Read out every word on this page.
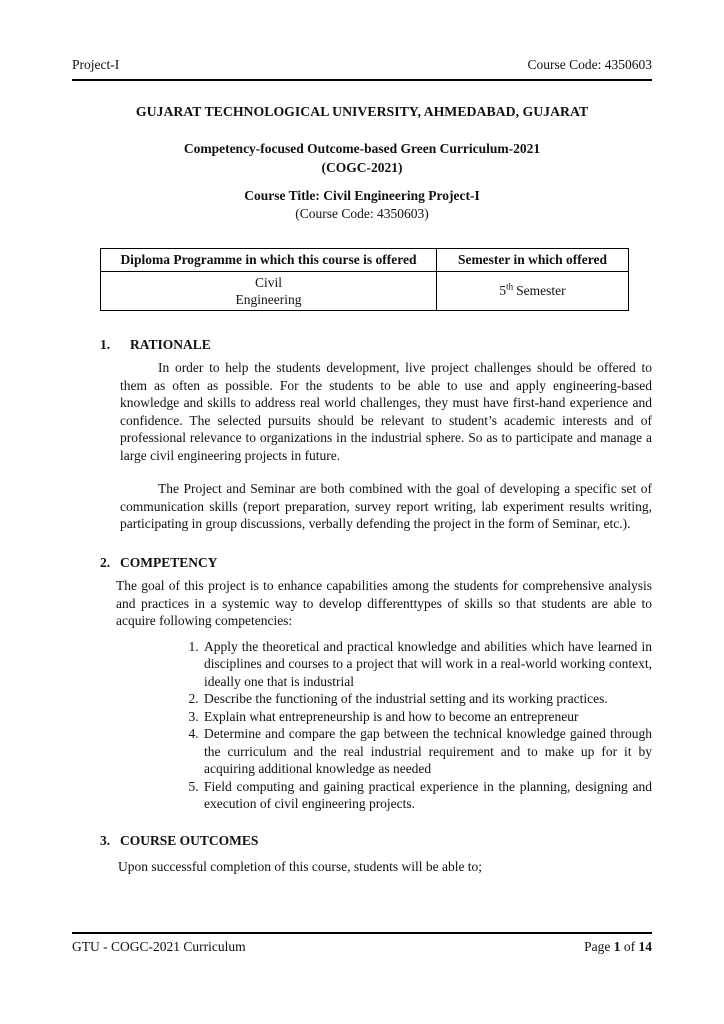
Project-I	Course Code: 4350603
GUJARAT TECHNOLOGICAL UNIVERSITY, AHMEDABAD, GUJARAT
Competency-focused Outcome-based Green Curriculum-2021
(COGC-2021)
Course Title: Civil Engineering Project-I
(Course Code: 4350603)
Diploma Programme in which this course is offered	Semester in which offered

Civil
Engineering	5th Semester
1.	RATIONALE

In order to help the students development, live project challenges should be offered to them as often as possible. For the students to be able to use and apply engineering-based knowledge and skills to address real world challenges, they must have first-hand experience and confidence. The selected pursuits should be relevant to student’s academic interests and of professional relevance to organizations in the industrial sphere. So as to participate and manage a large civil engineering projects in future.

The Project and Seminar are both combined with the goal of developing a specific set of communication skills (report preparation, survey report writing, lab experiment results writing, participating in group discussions, verbally defending the project in the form of Seminar, etc.).

2. COMPETENCY

The goal of this project is to enhance capabilities among the students for comprehensive analysis and practices in a systemic way to develop differenttypes of skills so that students are able to acquire following competencies:

1. Apply the theoretical and practical knowledge and abilities which have learned in disciplines and courses to a project that will work in a real-world working context, ideally one that is industrial
2. Describe the functioning of the industrial setting and its working practices.
3. Explain what entrepreneurship is and how to become an entrepreneur
4. Determine and compare the gap between the technical knowledge gained through the curriculum and the real industrial requirement and to make up for it by acquiring additional knowledge as needed
5. Field computing and gaining practical experience in the planning, designing and execution of civil engineering projects.
3. COURSE OUTCOMES

Upon successful completion of this course, students will be able to;

GTU - COGC-2021 Curriculum	Page 1 of 14
